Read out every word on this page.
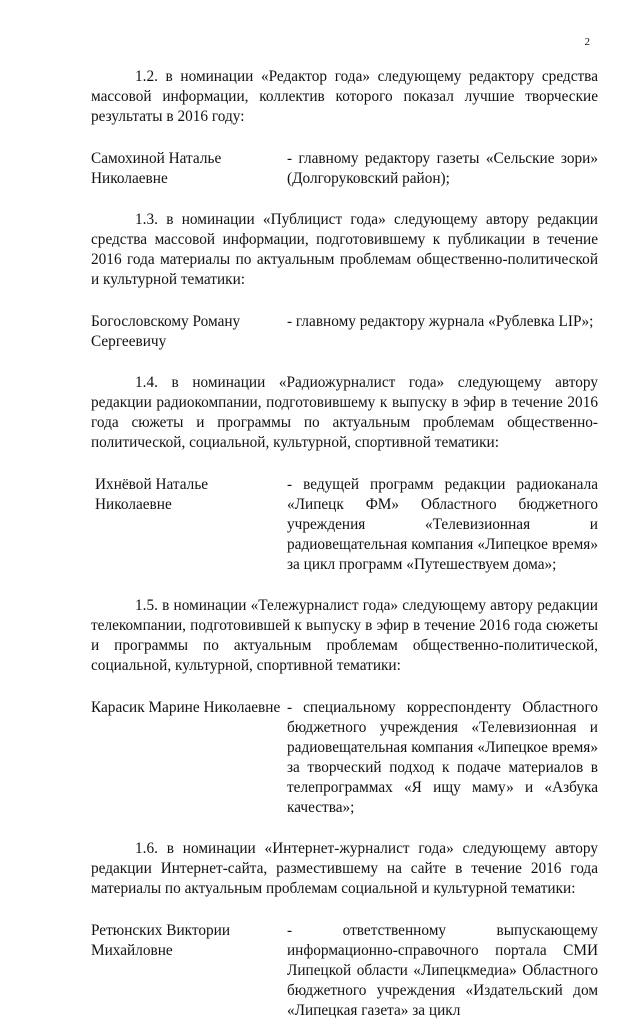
2

1.2. в номинации «Редактор года» следующему редактору средства массовой информации, коллектив которого показал лучшие творческие результаты в 2016 году:

Самохиной Наталье Николаевне
- главному редактору газеты «Сельские зори» (Долгоруковский район);

1.3. в номинации «Публицист года» следующему автору редакции средства массовой информации, подготовившему к публикации в течение 2016 года материалы по актуальным проблемам общественно-политической и культурной тематики:

Богословскому Роману Сергеевичу
- главному редактору журнала «Рублевка LIP»;

1.4. в номинации «Радиожурналист года» следующему автору редакции радиокомпании, подготовившему к выпуску в эфир в течение 2016 года сюжеты и программы по актуальным проблемам общественно-политической, социальной, культурной, спортивной тематики:

Ихнёвой Наталье Николаевне
- ведущей программ редакции радиоканала «Липецк ФМ» Областного бюджетного учреждения «Телевизионная и радиовещательная компания «Липецкое время» за цикл программ «Путешествуем дома»;

1.5. в номинации «Тележурналист года» следующему автору редакции телекомпании, подготовившей к выпуску в эфир в течение 2016 года сюжеты и программы по актуальным проблемам общественно-политической, социальной, культурной, спортивной тематики:

Карасик Марине Николаевне - специальному корреспонденту Областного бюджетного учреждения «Телевизионная и радиовещательная компания «Липецкое время» за творческий подход к подаче материалов в телепрограммах «Я ищу маму» и «Азбука качества»;

1.6. в номинации «Интернет-журналист года» следующему автору редакции Интернет-сайта, разместившему на сайте в течение 2016 года материалы по актуальным проблемам социальной и культурной тематики:

Ретюнских Виктории Михайловне
- ответственному выпускающему информационно-справочного портала СМИ Липецкой области «Липецкмедиа» Областного бюджетного учреждения «Издательский дом «Липецкая газета» за цикл
